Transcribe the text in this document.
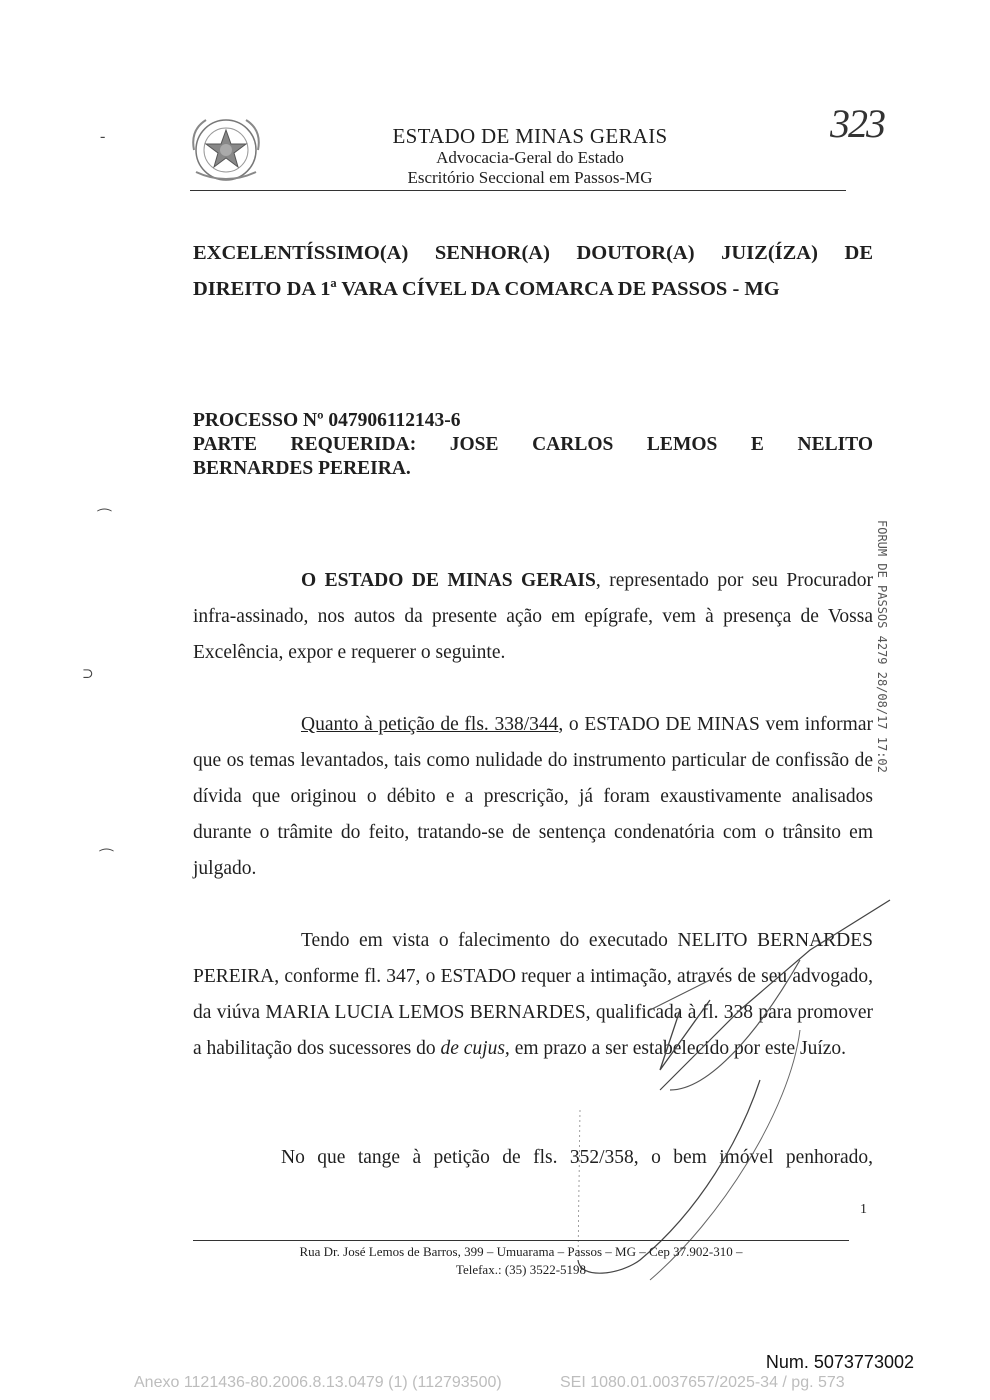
323
ESTADO DE MINAS GERAIS
Advocacia-Geral do Estado
Escritório Seccional em Passos-MG
EXCELENTÍSSIMO(A) SENHOR(A) DOUTOR(A) JUIZ(ÍZA) DE
DIREITO DA 1ª VARA CÍVEL DA COMARCA DE PASSOS - MG
PROCESSO Nº 047906112143-6
PARTE REQUERIDA: JOSE CARLOS LEMOS E NELITO
BERNARDES PEREIRA.
O ESTADO DE MINAS GERAIS, representado por seu Procurador infra-assinado, nos autos da presente ação em epígrafe, vem à presença de Vossa Excelência, expor e requerer o seguinte.
Quanto à petição de fls. 338/344, o ESTADO DE MINAS vem informar que os temas levantados, tais como nulidade do instrumento particular de confissão de dívida que originou o débito e a prescrição, já foram exaustivamente analisados durante o trâmite do feito, tratando-se de sentença condenatória com o trânsito em julgado.
Tendo em vista o falecimento do executado NELITO BERNARDES PEREIRA, conforme fl. 347, o ESTADO requer a intimação, através de seu advogado, da viúva MARIA LUCIA LEMOS BERNARDES, qualificada à fl. 338 para promover a habilitação dos sucessores do de cujus, em prazo a ser estabelecido por este Juízo.
No que tange à petição de fls. 352/358, o bem imóvel penhorado,
FORUM DE PASSOS 4279 28/08/17 17:02
⁀
⊃
⁀
‐
1
Rua Dr. José Lemos de Barros, 399 – Umuarama – Passos – MG – Cep 37.902-310 –
Telefax.: (35) 3522-5198
Num. 5073773002
Anexo 1121436-80.2006.8.13.0479 (1) (112793500)	SEI 1080.01.0037657/2025-34 / pg. 573
